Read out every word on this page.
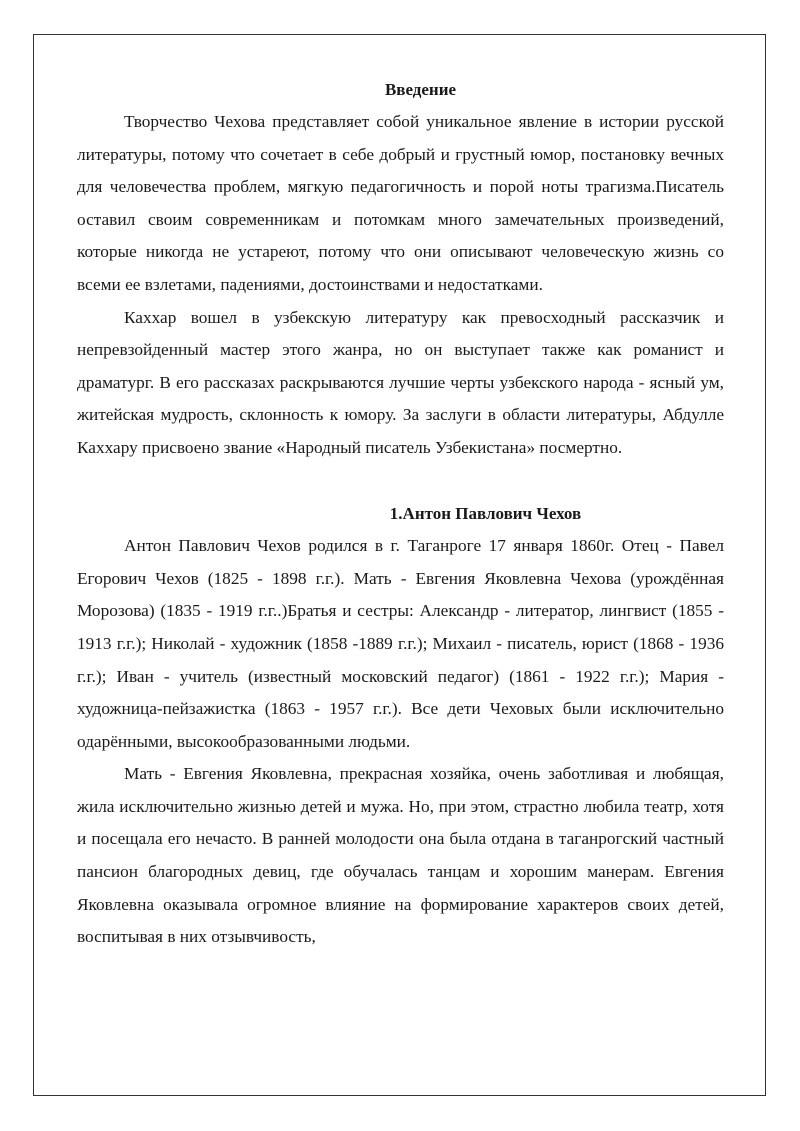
Введение

Творчество Чехова представляет собой уникальное явление в истории русской литературы, потому что сочетает в себе добрый и грустный юмор, постановку вечных для человечества проблем, мягкую педагогичность и порой ноты трагизма.Писатель оставил своим современникам и потомкам много замечательных произведений, которые никогда не устареют, потому что они описывают человеческую жизнь со всеми ее взлетами, падениями, достоинствами и недостатками.

Каххар вошел в узбекскую литературу как превосходный рассказчик и непревзойденный мастер этого жанра, но он выступает также как романист и драматург. В его рассказах раскрываются лучшие черты узбекского народа - ясный ум, житейская мудрость, склонность к юмору. За заслуги в области литературы, Абдулле Каххару присвоено звание «Народный писатель Узбекистана» посмертно.

1.Антон Павлович Чехов

Антон Павлович Чехов родился в г. Таганроге 17 января 1860г. Отец - Павел Егорович Чехов (1825 - 1898 г.г.). Мать - Евгения Яковлевна Чехова (урождённая Морозова) (1835 - 1919 г.г..)Братья и сестры: Александр - литератор, лингвист (1855 - 1913 г.г.); Николай - художник (1858 -1889 г.г.); Михаил - писатель, юрист (1868 - 1936 г.г.); Иван - учитель (известный московский педагог) (1861 - 1922 г.г.); Мария - художница-пейзажистка (1863 - 1957 г.г.). Все дети Чеховых были исключительно одарёнными, высокообразованными людьми.

Мать - Евгения Яковлевна, прекрасная хозяйка, очень заботливая и любящая, жила исключительно жизнью детей и мужа. Но, при этом, страстно любила театр, хотя и посещала его нечасто. В ранней молодости она была отдана в таганрогский частный пансион благородных девиц, где обучалась танцам и хорошим манерам. Евгения Яковлевна оказывала огромное влияние на формирование характеров своих детей, воспитывая в них отзывчивость,
